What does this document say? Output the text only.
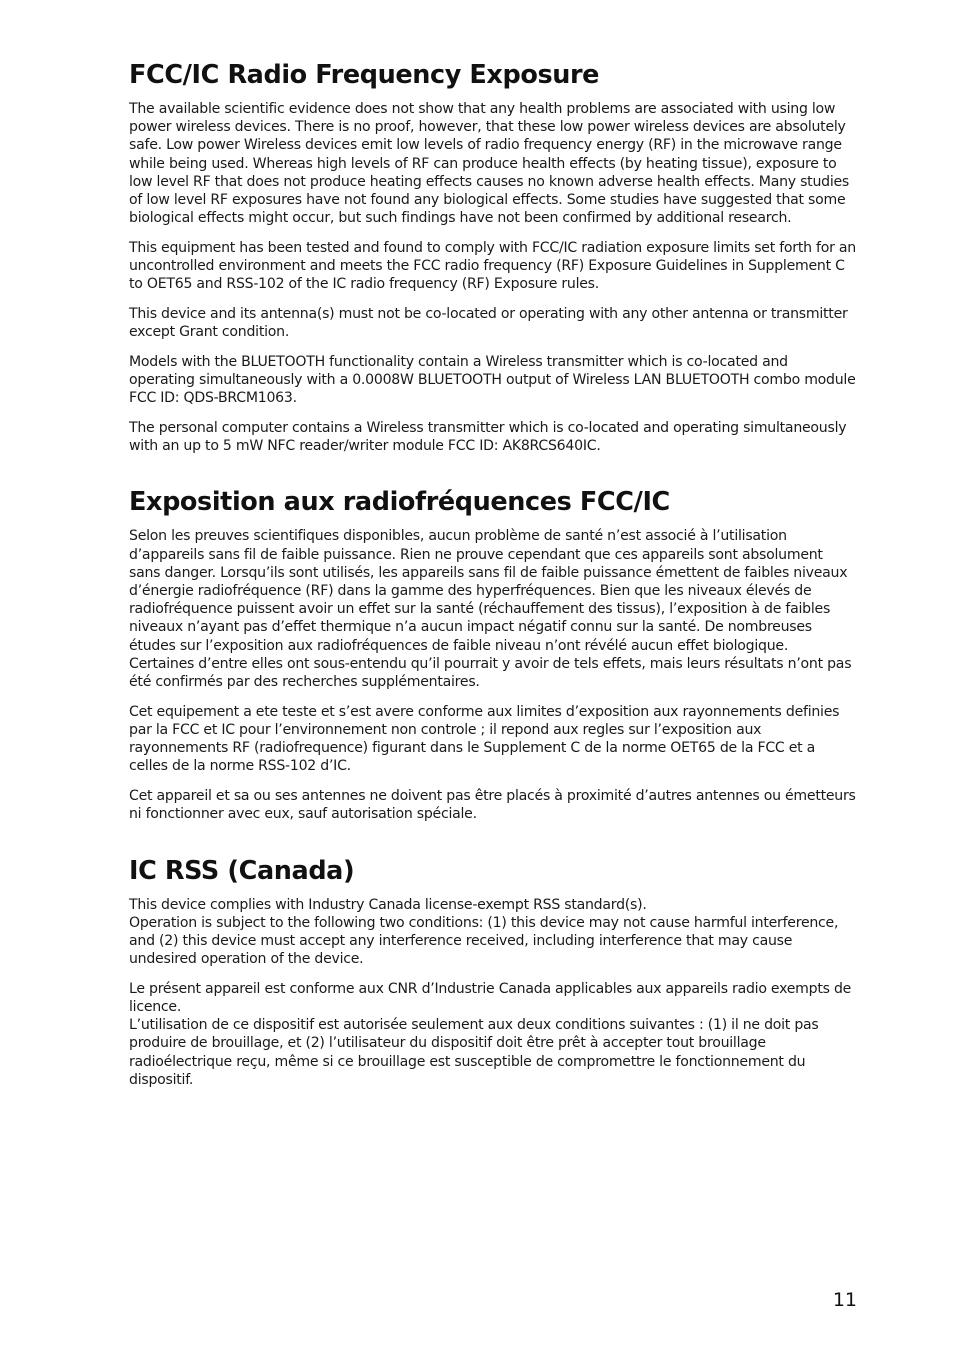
FCC/IC Radio Frequency Exposure

The available scientific evidence does not show that any health problems are associated with using low power wireless devices. There is no proof, however, that these low power wireless devices are absolutely safe. Low power Wireless devices emit low levels of radio frequency energy (RF) in the microwave range while being used. Whereas high levels of RF can produce health effects (by heating tissue), exposure to low level RF that does not produce heating effects causes no known adverse health effects. Many studies of low level RF exposures have not found any biological effects. Some studies have suggested that some biological effects might occur, but such findings have not been confirmed by additional research.

This equipment has been tested and found to comply with FCC/IC radiation exposure limits set forth for an uncontrolled environment and meets the FCC radio frequency (RF) Exposure Guidelines in Supplement C to OET65 and RSS-102 of the IC radio frequency (RF) Exposure rules.

This device and its antenna(s) must not be co-located or operating with any other antenna or transmitter except Grant condition.

Models with the BLUETOOTH functionality contain a Wireless transmitter which is co-located and operating simultaneously with a 0.0008W BLUETOOTH output of Wireless LAN BLUETOOTH combo module FCC ID: QDS-BRCM1063.

The personal computer contains a Wireless transmitter which is co-located and operating simultaneously with an up to 5 mW NFC reader/writer module FCC ID: AK8RCS640IC.

Exposition aux radiofréquences FCC/IC

Selon les preuves scientifiques disponibles, aucun problème de santé n’est associé à l’utilisation d’appareils sans fil de faible puissance. Rien ne prouve cependant que ces appareils sont absolument sans danger. Lorsqu’ils sont utilisés, les appareils sans fil de faible puissance émettent de faibles niveaux d’énergie radiofréquence (RF) dans la gamme des hyperfréquences. Bien que les niveaux élevés de radiofréquence puissent avoir un effet sur la santé (réchauffement des tissus), l’exposition à de faibles niveaux n’ayant pas d’effet thermique n’a aucun impact négatif connu sur la santé. De nombreuses études sur l’exposition aux radiofréquences de faible niveau n’ont révélé aucun effet biologique. Certaines d’entre elles ont sous-entendu qu’il pourrait y avoir de tels effets, mais leurs résultats n’ont pas été confirmés par des recherches supplémentaires.

Cet equipement a ete teste et s’est avere conforme aux limites d’exposition aux rayonnements definies par la FCC et IC pour l’environnement non controle ; il repond aux regles sur l’exposition aux rayonnements RF (radiofrequence) figurant dans le Supplement C de la norme OET65 de la FCC et a celles de la norme RSS-102 d’IC.

Cet appareil et sa ou ses antennes ne doivent pas être placés à proximité d’autres antennes ou émetteurs ni fonctionner avec eux, sauf autorisation spéciale.

IC RSS (Canada)

This device complies with Industry Canada license-exempt RSS standard(s).
Operation is subject to the following two conditions: (1) this device may not cause harmful interference, and (2) this device must accept any interference received, including interference that may cause undesired operation of the device.

Le présent appareil est conforme aux CNR d’Industrie Canada applicables aux appareils radio exempts de licence.
L’utilisation de ce dispositif est autorisée seulement aux deux conditions suivantes : (1) il ne doit pas produire de brouillage, et (2) l’utilisateur du dispositif doit être prêt à accepter tout brouillage radioélectrique reçu, même si ce brouillage est susceptible de compromettre le fonctionnement du dispositif.

11
